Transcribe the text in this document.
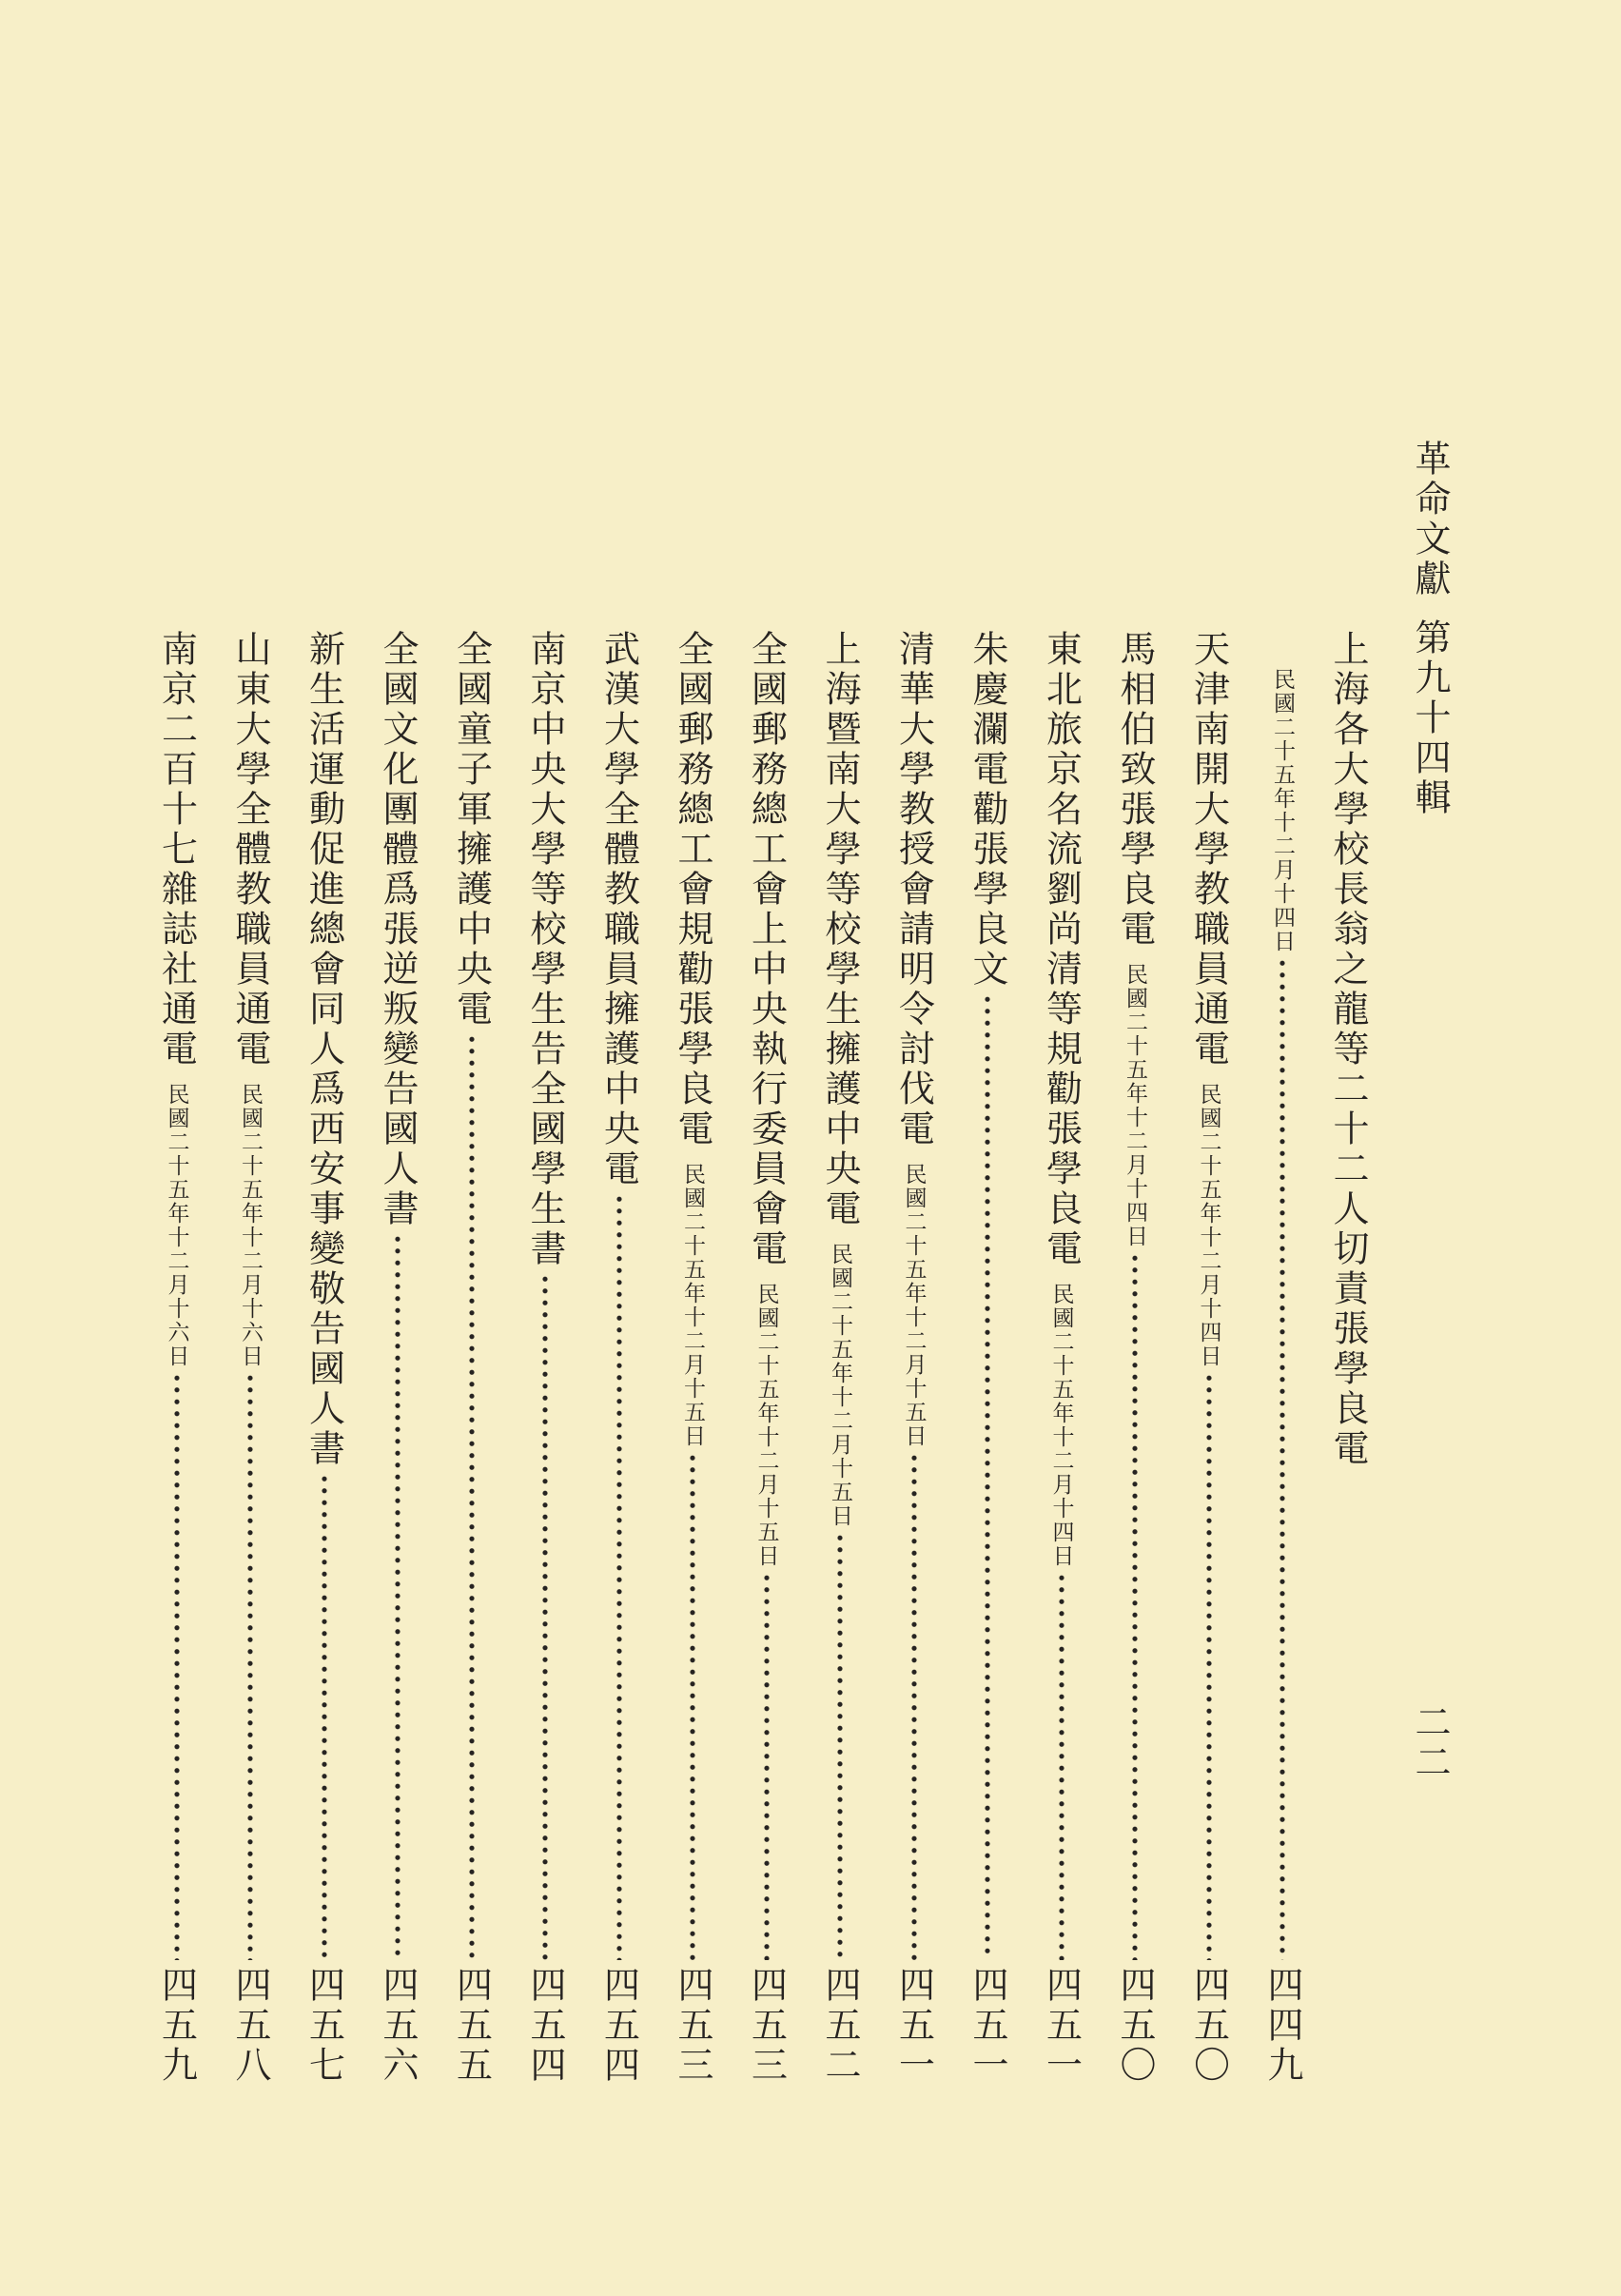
革命文獻第九十四輯
二二
上海各大學校長翁之龍等二十二人切責張學良電
民國二十五年十二月十四日
四四九
天津南開大學教職員通電
民國二十五年十二月十四日
四五〇
馬相伯致張學良電
民國二十五年十二月十四日
四五〇
東北旅京名流劉尚清等規勸張學良電
民國二十五年十二月十四日
四五一
朱慶瀾電勸張學良文
四五一
清華大學教授會請明令討伐電
民國二十五年十二月十五日
四五一
上海暨南大學等校學生擁護中央電
民國二十五年十二月十五日
四五二
全國郵務總工會上中央執行委員會電
民國二十五年十二月十五日
四五三
全國郵務總工會規勸張學良電
民國二十五年十二月十五日
四五三
武漢大學全體教職員擁護中央電
四五四
南京中央大學等校學生告全國學生書
四五四
全國童子軍擁護中央電
四五五
全國文化團體爲張逆叛變告國人書
四五六
新生活運動促進總會同人爲西安事變敬告國人書
四五七
山東大學全體教職員通電
民國二十五年十二月十六日
四五八
南京二百十七雜誌社通電
民國二十五年十二月十六日
四五九
